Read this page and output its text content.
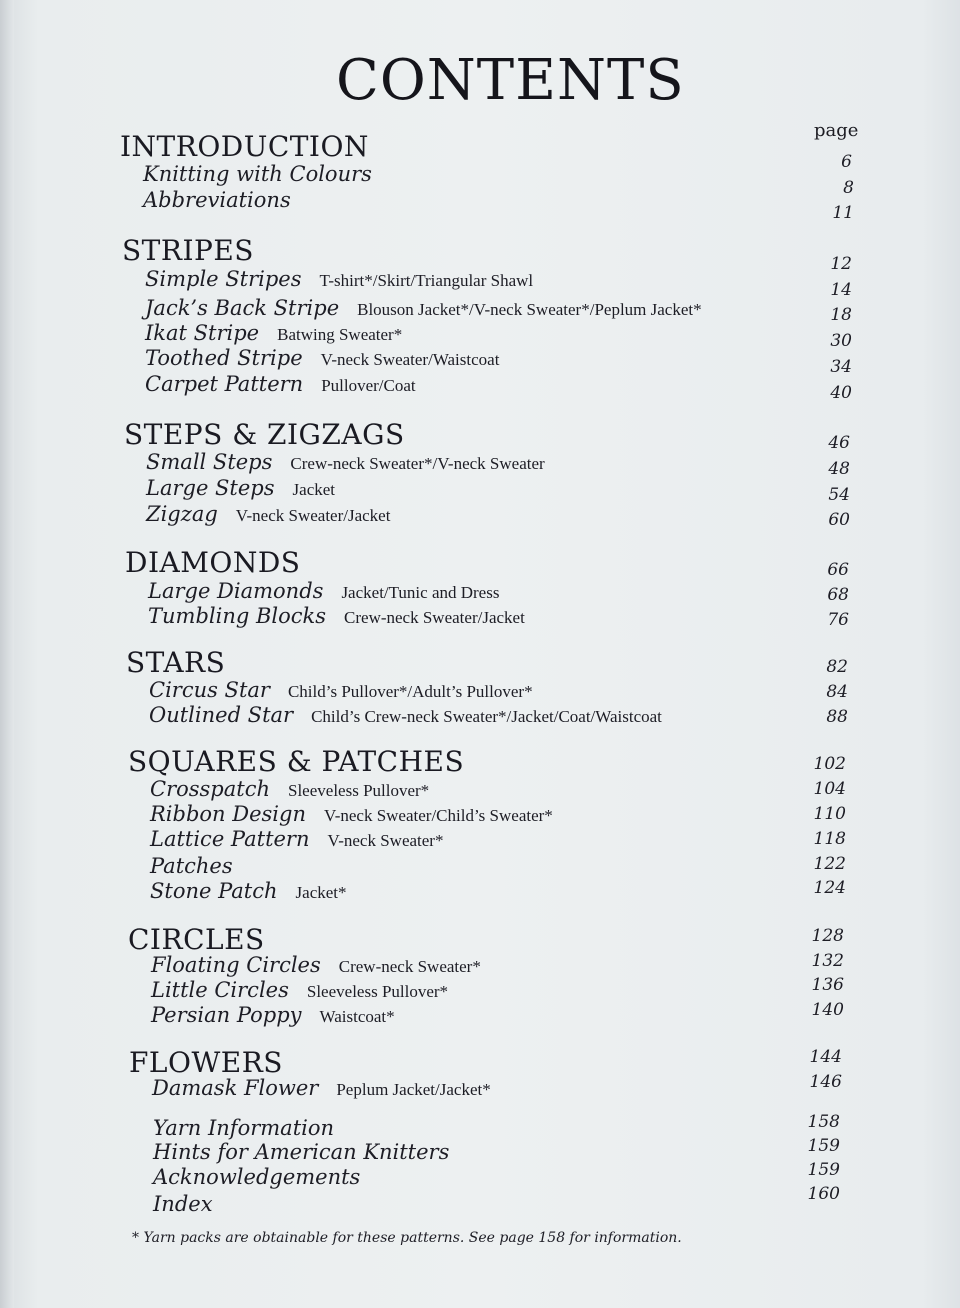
CONTENTS
page
INTRODUCTION
Knitting with Colours
Abbreviations
STRIPES
Simple Stripes T-shirt*/Skirt/Triangular Shawl
Jack’s Back Stripe Blouson Jacket*/V-neck Sweater*/Peplum Jacket*
Ikat Stripe Batwing Sweater*
Toothed Stripe V-neck Sweater/Waistcoat
Carpet Pattern Pullover/Coat
STEPS & ZIGZAGS
Small Steps Crew-neck Sweater*/V-neck Sweater
Large Steps Jacket
Zigzag V-neck Sweater/Jacket
DIAMONDS
Large Diamonds Jacket/Tunic and Dress
Tumbling Blocks Crew-neck Sweater/Jacket
STARS
Circus Star Child’s Pullover*/Adult’s Pullover*
Outlined Star Child’s Crew-neck Sweater*/Jacket/Coat/Waistcoat
SQUARES & PATCHES
Crosspatch Sleeveless Pullover*
Ribbon Design V-neck Sweater/Child’s Sweater*
Lattice Pattern V-neck Sweater*
Patches
Stone Patch Jacket*
CIRCLES
Floating Circles Crew-neck Sweater*
Little Circles Sleeveless Pullover*
Persian Poppy Waistcoat*
FLOWERS
Damask Flower Peplum Jacket/Jacket*
Yarn Information
Hints for American Knitters
Acknowledgements
Index
6
8
11
12
14
18
30
34
40
46
48
54
60
66
68
76
82
84
88
102
104
110
118
122
124
128
132
136
140
144
146
158
159
159
160
* Yarn packs are obtainable for these patterns. See page 158 for information.
